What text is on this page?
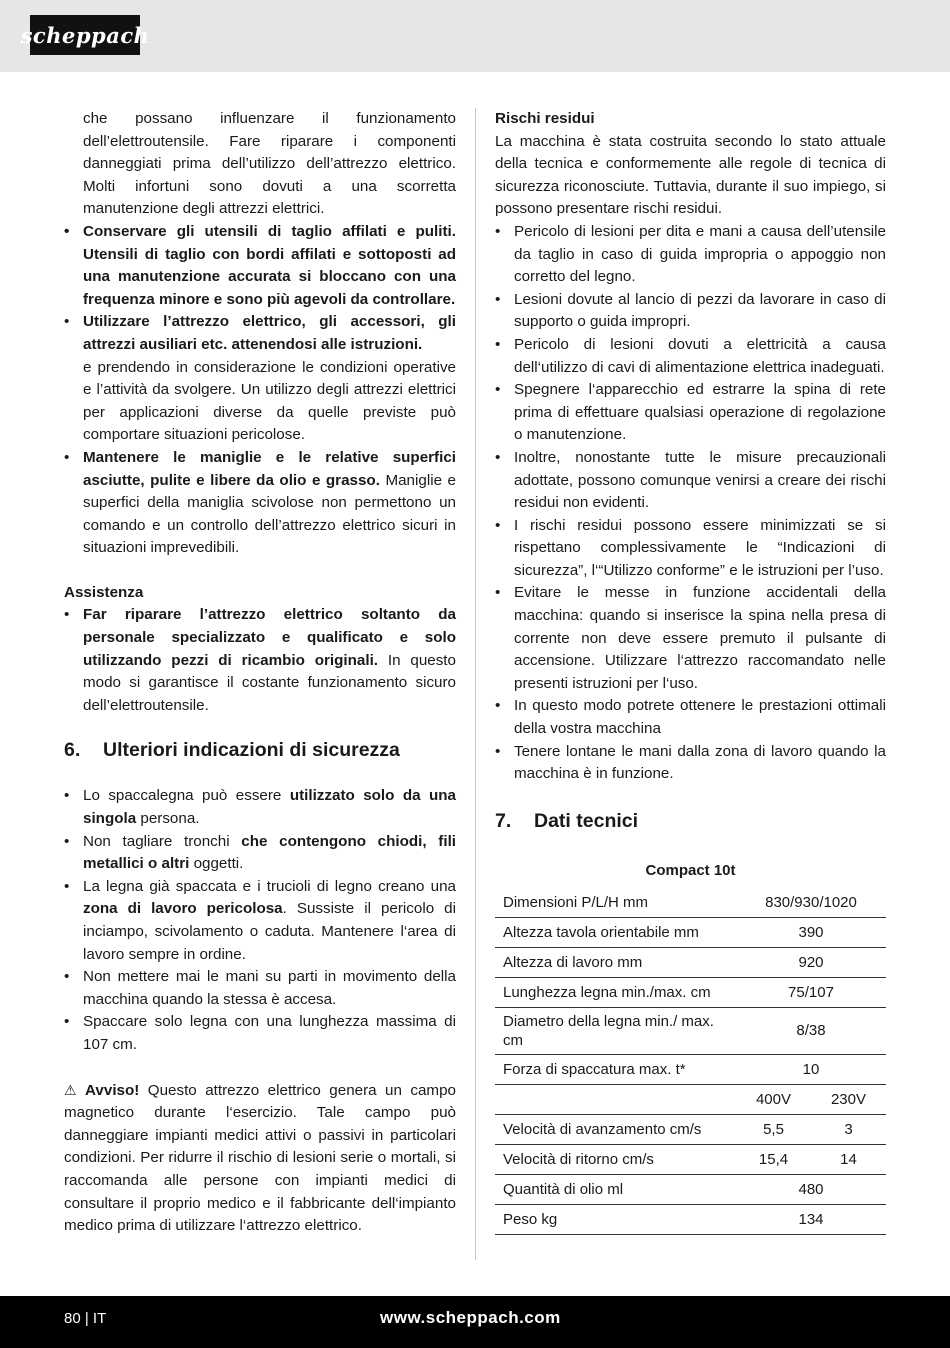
scheppach

che possano influenzare il funzionamento dell’elettroutensile. Fare riparare i componenti danneggiati prima dell’utilizzo dell’attrezzo elettrico. Molti infortuni sono dovuti a una scorretta manutenzione degli attrezzi elettrici.

• Conservare gli utensili di taglio affilati e puliti. Utensili di taglio con bordi affilati e sottoposti ad una manutenzione accurata si bloccano con una frequenza minore e sono più agevoli da controllare.
• Utilizzare l’attrezzo elettrico, gli accessori, gli attrezzi ausiliari etc. attenendosi alle istruzioni.
e prendendo in considerazione le condizioni operative e l’attività da svolgere. Un utilizzo degli attrezzi elettrici per applicazioni diverse da quelle previste può comportare situazioni pericolose.
• Mantenere le maniglie e le relative superfici asciutte, pulite e libere da olio e grasso. Maniglie e superfici della maniglia scivolose non permettono un comando e un controllo dell’attrezzo elettrico sicuri in situazioni imprevedibili.

Assistenza

• Far riparare l’attrezzo elettrico soltanto da personale specializzato e qualificato e solo utilizzando pezzi di ricambio originali. In questo modo si garantisce il costante funzionamento sicuro dell’elettroutensile.
6.	Ulteriori indicazioni di sicurezza
• Lo spaccalegna può essere utilizzato solo da una singola persona.
• Non tagliare tronchi che contengono chiodi, fili metallici o altri oggetti.
• La legna già spaccata e i trucioli di legno creano una zona di lavoro pericolosa. Sussiste il pericolo di inciampo, scivolamento o caduta. Mantenere l‘area di lavoro sempre in ordine.
• Non mettere mai le mani su parti in movimento della macchina quando la stessa è accesa.
• Spaccare solo legna con una lunghezza massima di 107 cm.

⚠ Avviso! Questo attrezzo elettrico genera un campo magnetico durante l‘esercizio. Tale campo può danneggiare impianti medici attivi o passivi in particolari condizioni. Per ridurre il rischio di lesioni serie o mortali, si raccomanda alle persone con impianti medici di consultare il proprio medico e il fabbricante dell‘impianto medico prima di utilizzare l‘attrezzo elettrico.

Rischi residui

La macchina è stata costruita secondo lo stato attuale della tecnica e conformemente alle regole di tecnica di sicurezza riconosciute. Tuttavia, durante il suo impiego, si possono presentare rischi residui.

• Pericolo di lesioni per dita e mani a causa dell’utensile da taglio in caso di guida impropria o appoggio non corretto del legno.
• Lesioni dovute al lancio di pezzi da lavorare in caso di supporto o guida impropri.
• Pericolo di lesioni dovuti a elettricità a causa dell‘utilizzo di cavi di alimentazione elettrica inadeguati.
• Spegnere l‘apparecchio ed estrarre la spina di rete prima di effettuare qualsiasi operazione di regolazione o manutenzione.
• Inoltre, nonostante tutte le misure precauzionali adottate, possono comunque venirsi a creare dei rischi residui non evidenti.
• I rischi residui possono essere minimizzati se si rispettano complessivamente le “Indicazioni di sicurezza”, l‘“Utilizzo conforme” e le istruzioni per l’uso.
• Evitare le messe in funzione accidentali della macchina: quando si inserisce la spina nella presa di corrente non deve essere premuto il pulsante di accensione. Utilizzare l‘attrezzo raccomandato nelle presenti istruzioni per l‘uso.
• In questo modo potrete ottenere le prestazioni ottimali della vostra macchina
• Tenere lontane le mani dalla zona di lavoro quando la macchina è in funzione.
7.	Dati tecnici

Compact 10t

Dimensioni P/L/H mm	830/930/1020	
Altezza tavola orientabile mm	390	
Altezza di lavoro mm	920	
Lunghezza legna min./max. cm	75/107	
Diametro della legna min./ max. cm	8/38	
Forza di spaccatura max. t*	10	
	400V	230V
Velocità di avanzamento cm/s	5,5	3
Velocità di ritorno cm/s	15,4	14
Quantità di olio ml	480	
Peso kg	134	
80 | IT	www.scheppach.com
